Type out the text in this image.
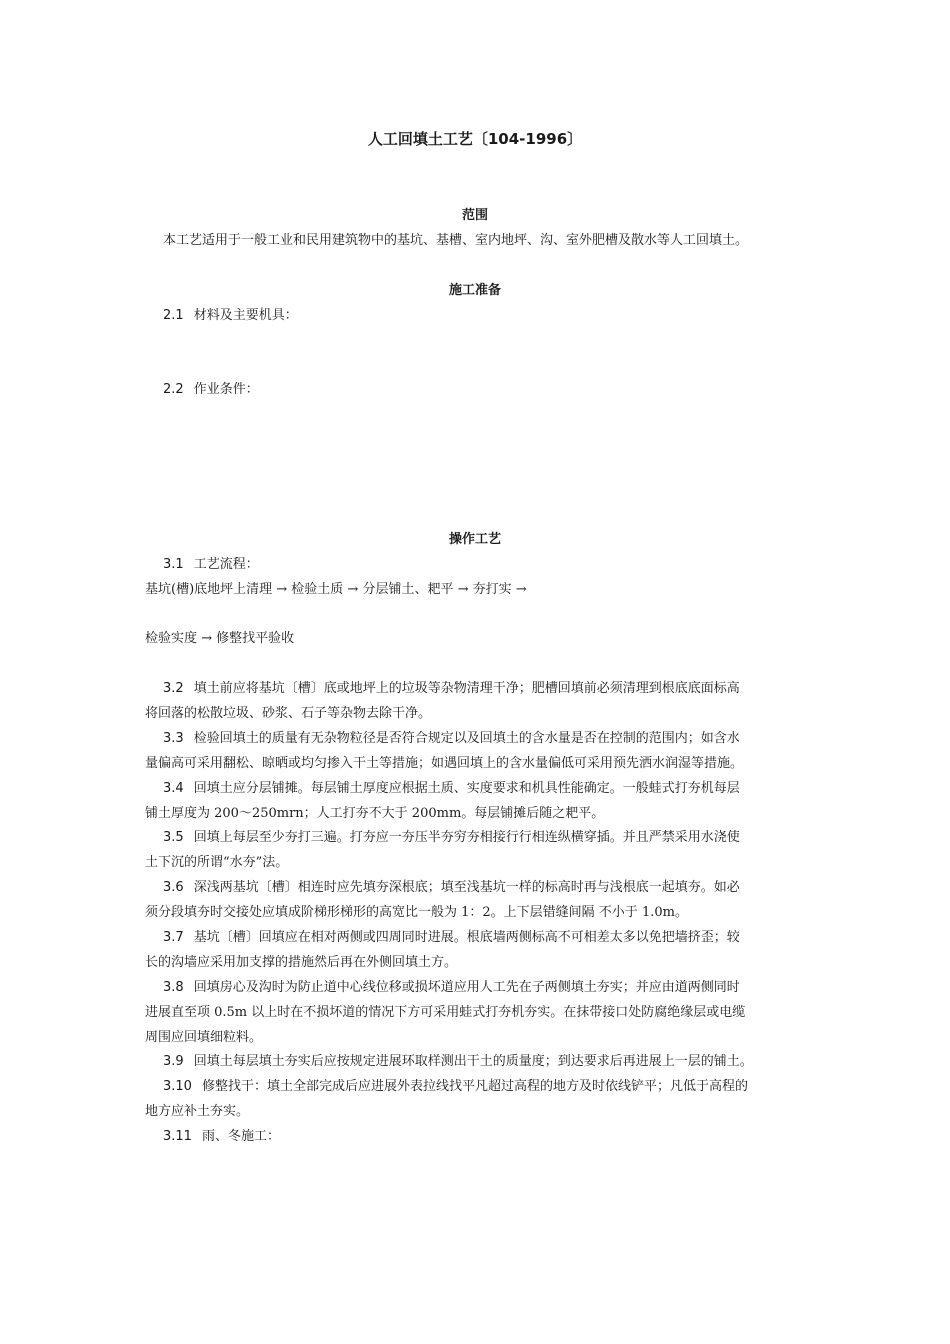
人工回填土工艺〔104-1996〕
范围
本工艺适用于一般工业和民用建筑物中的基坑、基槽、室内地坪、沟、室外肥槽及散水等人工回填土。
施工准备
2.1 材料及主要机具：
2.2 作业条件：
操作工艺
3.1 工艺流程：
基坑(槽)底地坪上清理 → 检验土质 → 分层铺土、耙平 → 夯打实 →
检验实度 → 修整找平验收
3.2 填土前应将基坑〔槽〕底或地坪上的垃圾等杂物清理干净；肥槽回填前必须清理到根底底面标高
将回落的松散垃圾、砂浆、石子等杂物去除干净。
3.3 检验回填土的质量有无杂物粒径是否符合规定以及回填土的含水量是否在控制的范围内；如含水
量偏高可采用翻松、晾晒或均匀掺入干土等措施；如遇回填上的含水量偏低可采用预先洒水润湿等措施。
3.4 回填土应分层铺摊。每层铺土厚度应根据土质、实度要求和机具性能确定。一般蛙式打夯机每层
铺土厚度为 200～250mrn；人工打夯不大于 200mm。每层铺摊后随之耙平。
3.5 回填上每层至少夯打三遍。打夯应一夯压半夯穷夯相接行行相连纵横穿插。并且严禁采用水浇使
土下沉的所谓“水夯”法。
3.6 深浅两基坑〔槽〕相连时应先填夯深根底；填至浅基坑一样的标高时再与浅根底一起填夯。如必
须分段填夯时交接处应填成阶梯形梯形的高宽比一般为 1：2。上下层错缝间隔 不小于 1.0m。
3.7 基坑〔槽〕回填应在相对两侧或四周同时进展。根底墙两侧标高不可相差太多以免把墙挤歪；较
长的沟墙应采用加支撑的措施然后再在外侧回填土方。
3.8 回填房心及沟时为防止道中心线位移或损坏道应用人工先在子两侧填土夯实；并应由道两侧同时
进展直至项 0.5m 以上时在不损坏道的情况下方可采用蛙式打夯机夯实。在抹带接口处防腐绝缘层或电缆
周围应回填细粒料。
3.9 回填土每层填土夯实后应按规定进展环取样测出干土的质量度；到达要求后再进展上一层的铺土。
3.10 修整找干：填土全部完成后应进展外表拉线找平凡超过高程的地方及时依线铲平；凡低于高程的
地方应补土夯实。
3.11 雨、冬施工：
